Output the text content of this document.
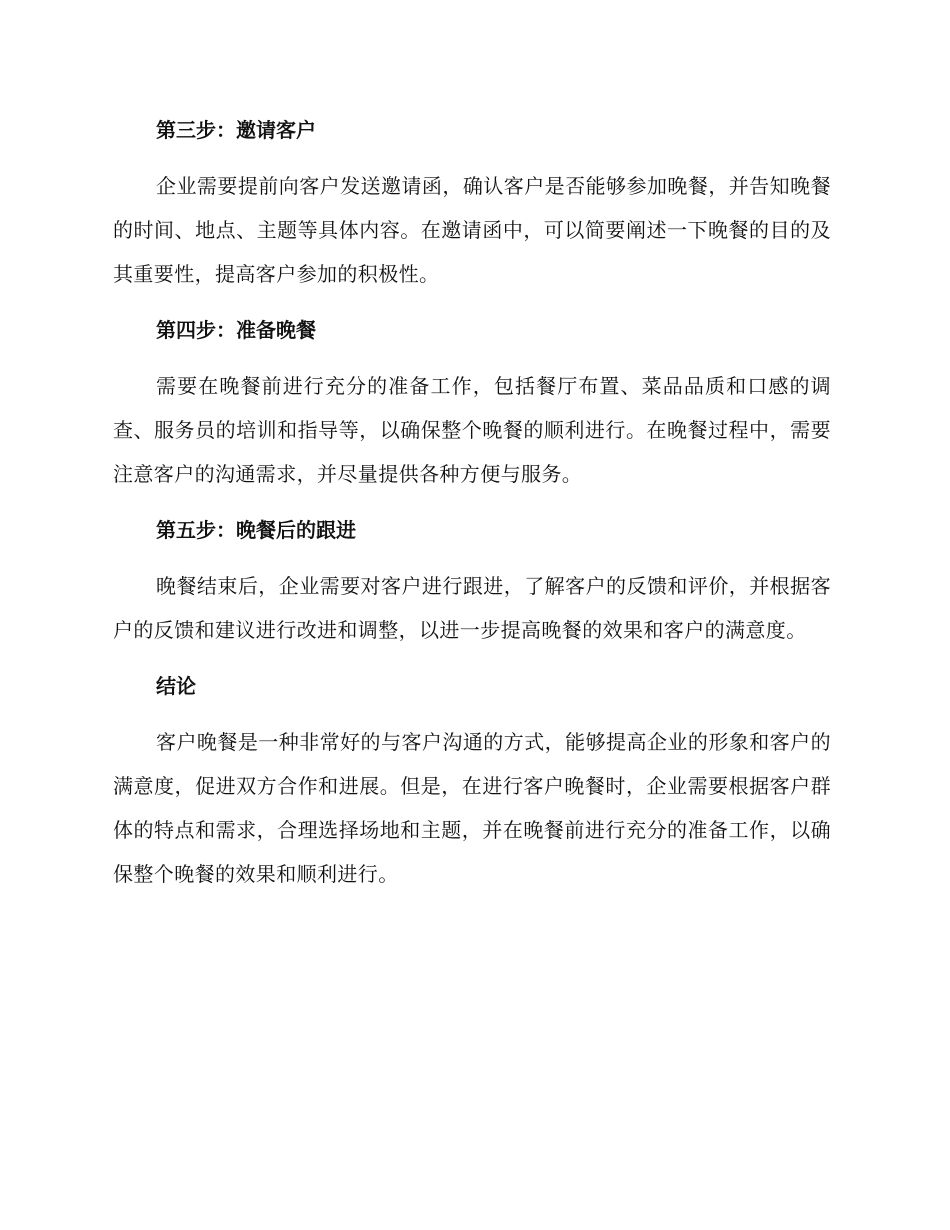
第三步：邀请客户

企业需要提前向客户发送邀请函，确认客户是否能够参加晚餐，并告知晚餐的时间、地点、主题等具体内容。在邀请函中，可以简要阐述一下晚餐的目的及其重要性，提高客户参加的积极性。

第四步：准备晚餐

需要在晚餐前进行充分的准备工作，包括餐厅布置、菜品品质和口感的调查、服务员的培训和指导等，以确保整个晚餐的顺利进行。在晚餐过程中，需要注意客户的沟通需求，并尽量提供各种方便与服务。

第五步：晚餐后的跟进

晚餐结束后，企业需要对客户进行跟进，了解客户的反馈和评价，并根据客户的反馈和建议进行改进和调整，以进一步提高晚餐的效果和客户的满意度。

结论

客户晚餐是一种非常好的与客户沟通的方式，能够提高企业的形象和客户的满意度，促进双方合作和进展。但是，在进行客户晚餐时，企业需要根据客户群体的特点和需求，合理选择场地和主题，并在晚餐前进行充分的准备工作，以确保整个晚餐的效果和顺利进行。
